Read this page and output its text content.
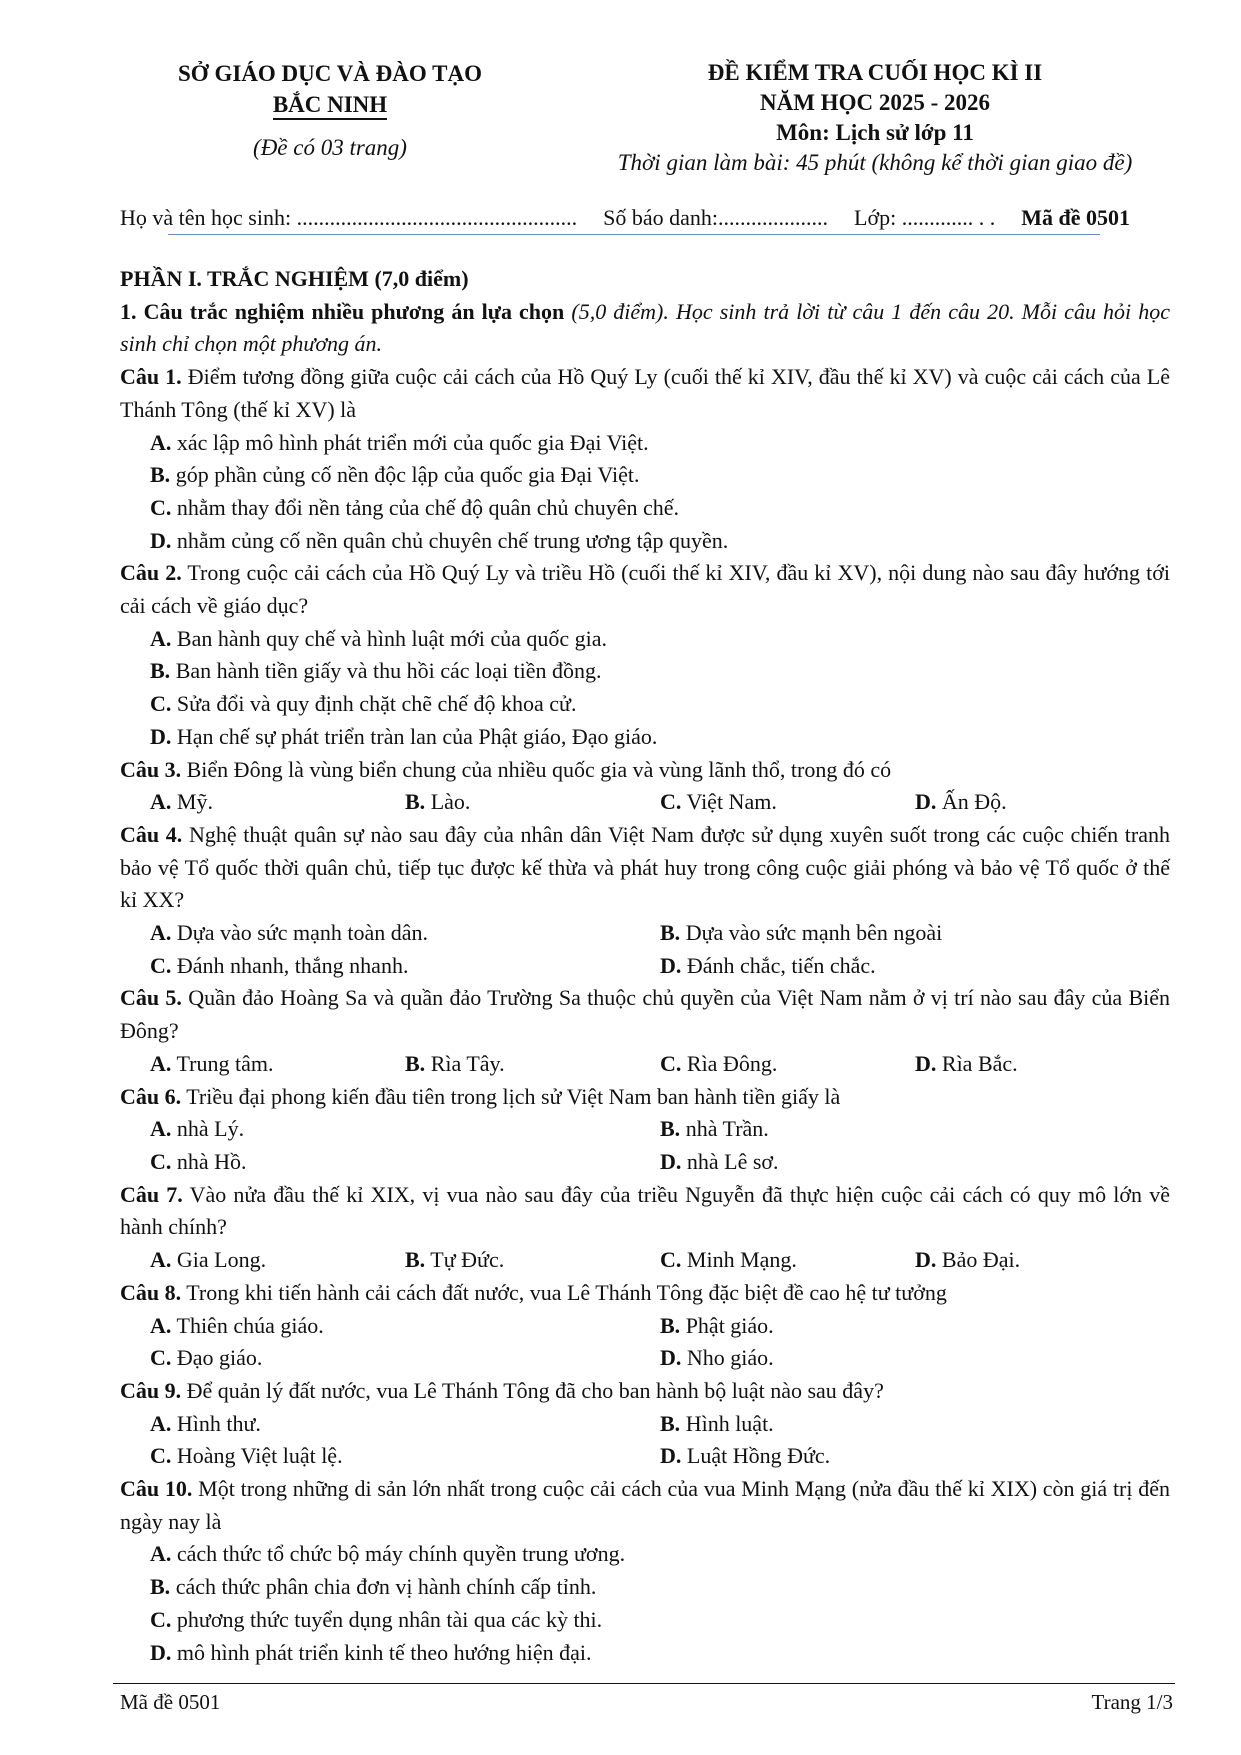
SỞ GIÁO DỤC VÀ ĐÀO TẠO
BẮC NINH
(Đề có 03 trang)
ĐỀ KIỂM TRA CUỐI HỌC KÌ II
NĂM HỌC 2025 - 2026
Môn: Lịch sử lớp 11
Thời gian làm bài: 45 phút (không kể thời gian giao đề)
Họ và tên học sinh: ................................................... Số báo danh:.................... Lớp: ............. . . Mã đề 0501

PHẦN I. TRẮC NGHIỆM (7,0 điểm)

1. Câu trắc nghiệm nhiều phương án lựa chọn (5,0 điểm). Học sinh trả lời từ câu 1 đến câu 20. Mỗi câu hỏi học sinh chỉ chọn một phương án.

Câu 1. Điểm tương đồng giữa cuộc cải cách của Hồ Quý Ly (cuối thế kỉ XIV, đầu thế kỉ XV) và cuộc cải cách của Lê Thánh Tông (thế kỉ XV) là

A. xác lập mô hình phát triển mới của quốc gia Đại Việt.

B. góp phần củng cố nền độc lập của quốc gia Đại Việt.

C. nhằm thay đổi nền tảng của chế độ quân chủ chuyên chế.

D. nhằm củng cố nền quân chủ chuyên chế trung ương tập quyền.

Câu 2. Trong cuộc cải cách của Hồ Quý Ly và triều Hồ (cuối thế kỉ XIV, đầu kỉ XV), nội dung nào sau đây hướng tới cải cách về giáo dục?

A. Ban hành quy chế và hình luật mới của quốc gia.

B. Ban hành tiền giấy và thu hồi các loại tiền đồng.

C. Sửa đổi và quy định chặt chẽ chế độ khoa cử.

D. Hạn chế sự phát triển tràn lan của Phật giáo, Đạo giáo.

Câu 3. Biển Đông là vùng biển chung của nhiều quốc gia và vùng lãnh thổ, trong đó có

A. Mỹ.	B. Lào.	C. Việt Nam.	D. Ấn Độ.

Câu 4. Nghệ thuật quân sự nào sau đây của nhân dân Việt Nam được sử dụng xuyên suốt trong các cuộc chiến tranh bảo vệ Tổ quốc thời quân chủ, tiếp tục được kế thừa và phát huy trong công cuộc giải phóng và bảo vệ Tổ quốc ở thế kỉ XX?

A. Dựa vào sức mạnh toàn dân.	B. Dựa vào sức mạnh bên ngoài

C. Đánh nhanh, thắng nhanh.	D. Đánh chắc, tiến chắc.

Câu 5. Quần đảo Hoàng Sa và quần đảo Trường Sa thuộc chủ quyền của Việt Nam nằm ở vị trí nào sau đây của Biển Đông?

A. Trung tâm.	B. Rìa Tây.	C. Rìa Đông.	D. Rìa Bắc.

Câu 6. Triều đại phong kiến đầu tiên trong lịch sử Việt Nam ban hành tiền giấy là

A. nhà Lý.	B. nhà Trần.

C. nhà Hồ.	D. nhà Lê sơ.

Câu 7. Vào nửa đầu thế kỉ XIX, vị vua nào sau đây của triều Nguyễn đã thực hiện cuộc cải cách có quy mô lớn về hành chính?

A. Gia Long.	B. Tự Đức.	C. Minh Mạng.	D. Bảo Đại.

Câu 8. Trong khi tiến hành cải cách đất nước, vua Lê Thánh Tông đặc biệt đề cao hệ tư tưởng

A. Thiên chúa giáo.	B. Phật giáo.

C. Đạo giáo.	D. Nho giáo.

Câu 9. Để quản lý đất nước, vua Lê Thánh Tông đã cho ban hành bộ luật nào sau đây?

A. Hình thư.	B. Hình luật.

C. Hoàng Việt luật lệ.	D. Luật Hồng Đức.

Câu 10. Một trong những di sản lớn nhất trong cuộc cải cách của vua Minh Mạng (nửa đầu thế kỉ XIX) còn giá trị đến ngày nay là

A. cách thức tổ chức bộ máy chính quyền trung ương.

B. cách thức phân chia đơn vị hành chính cấp tỉnh.

C. phương thức tuyển dụng nhân tài qua các kỳ thi.

D. mô hình phát triển kinh tế theo hướng hiện đại.

Mã đề 0501	Trang 1/3
